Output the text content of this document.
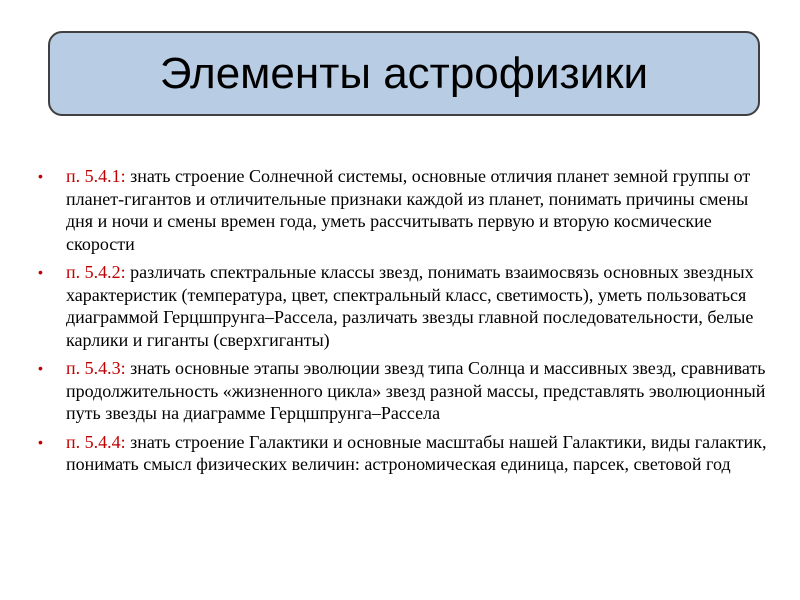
Элементы астрофизики
• п. 5.4.1: знать строение Солнечной системы, основные отличия планет земной группы от планет-гигантов и отличительные признаки каждой из планет, понимать причины смены дня и ночи и смены времен года, уметь рассчитывать первую и вторую космические скорости
• п. 5.4.2: различать спектральные классы звезд, понимать взаимосвязь основных звездных характеристик (температура, цвет, спектральный класс, светимость), уметь пользоваться диаграммой Герцшпрунга–Рассела, различать звезды главной последовательности, белые карлики и гиганты (сверхгиганты)
• п. 5.4.3: знать основные этапы эволюции звезд типа Солнца и массивных звезд, сравнивать продолжительность «жизненного цикла» звезд разной массы, представлять эволюционный путь звезды на диаграмме Герцшпрунга–Рассела
• п. 5.4.4: знать строение Галактики и основные масштабы нашей Галактики, виды галактик, понимать смысл физических величин: астрономическая единица, парсек, световой год
